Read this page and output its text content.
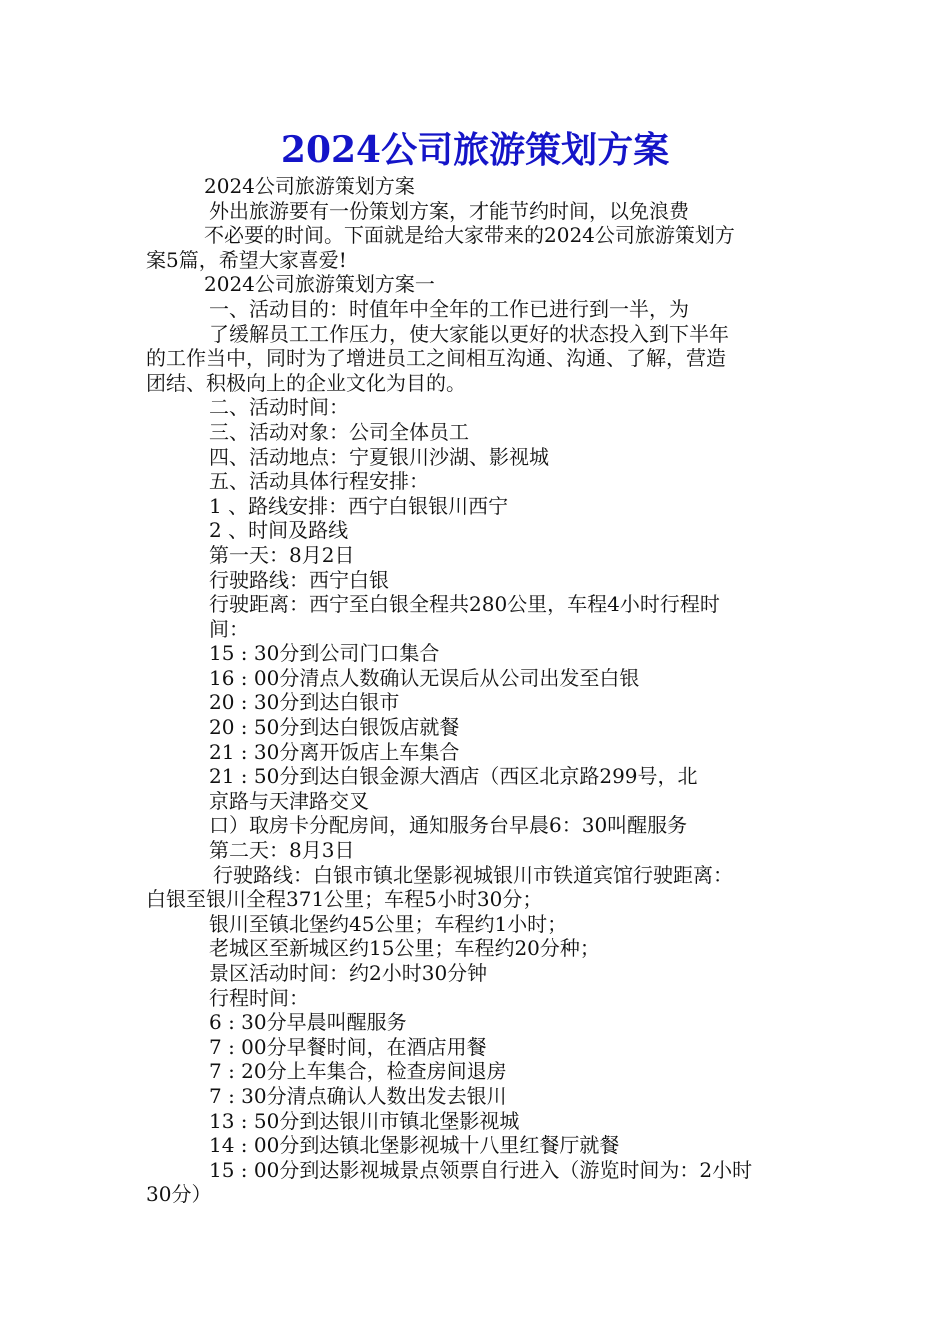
2024公司旅游策划方案
2024公司旅游策划方案
外出旅游要有一份策划方案，才能节约时间，以免浪费
不必要的时间。下面就是给大家带来的2024公司旅游策划方
案5篇，希望大家喜爱!
2024公司旅游策划方案一
一、活动目的：时值年中全年的工作已进行到一半，为
了缓解员工工作压力，使大家能以更好的状态投入到下半年
的工作当中，同时为了增进员工之间相互沟通、沟通、了解，营造
团结、积极向上的企业文化为目的。
二、活动时间：
三、活动对象：公司全体员工
四、活动地点：宁夏银川沙湖、影视城
五、活动具体行程安排：
1 、路线安排：西宁白银银川西宁
2 、时间及路线
第一天：8月2日
行驶路线：西宁白银
行驶距离：西宁至白银全程共280公里，车程4小时行程时
间：
15 : 30分到公司门口集合
16 : 00分清点人数确认无误后从公司出发至白银
20 : 30分到达白银市
20 : 50分到达白银饭店就餐
21 : 30分离开饭店上车集合
21 : 50分到达白银金源大酒店（西区北京路299号，北
京路与天津路交叉
口）取房卡分配房间，通知服务台早晨6：30叫醒服务
第二天：8月3日
行驶路线：白银市镇北堡影视城银川市铁道宾馆行驶距离：
白银至银川全程371公里；车程5小时30分；
银川至镇北堡约45公里；车程约1小时；
老城区至新城区约15公里；车程约20分种；
景区活动时间：约2小时30分钟
行程时间：
6 : 30分早晨叫醒服务
7 : 00分早餐时间，在酒店用餐
7 : 20分上车集合，检查房间退房
7 : 30分清点确认人数出发去银川
13 : 50分到达银川市镇北堡影视城
14 : 00分到达镇北堡影视城十八里红餐厅就餐
15 : 00分到达影视城景点领票自行进入（游览时间为：2小时
30分）
